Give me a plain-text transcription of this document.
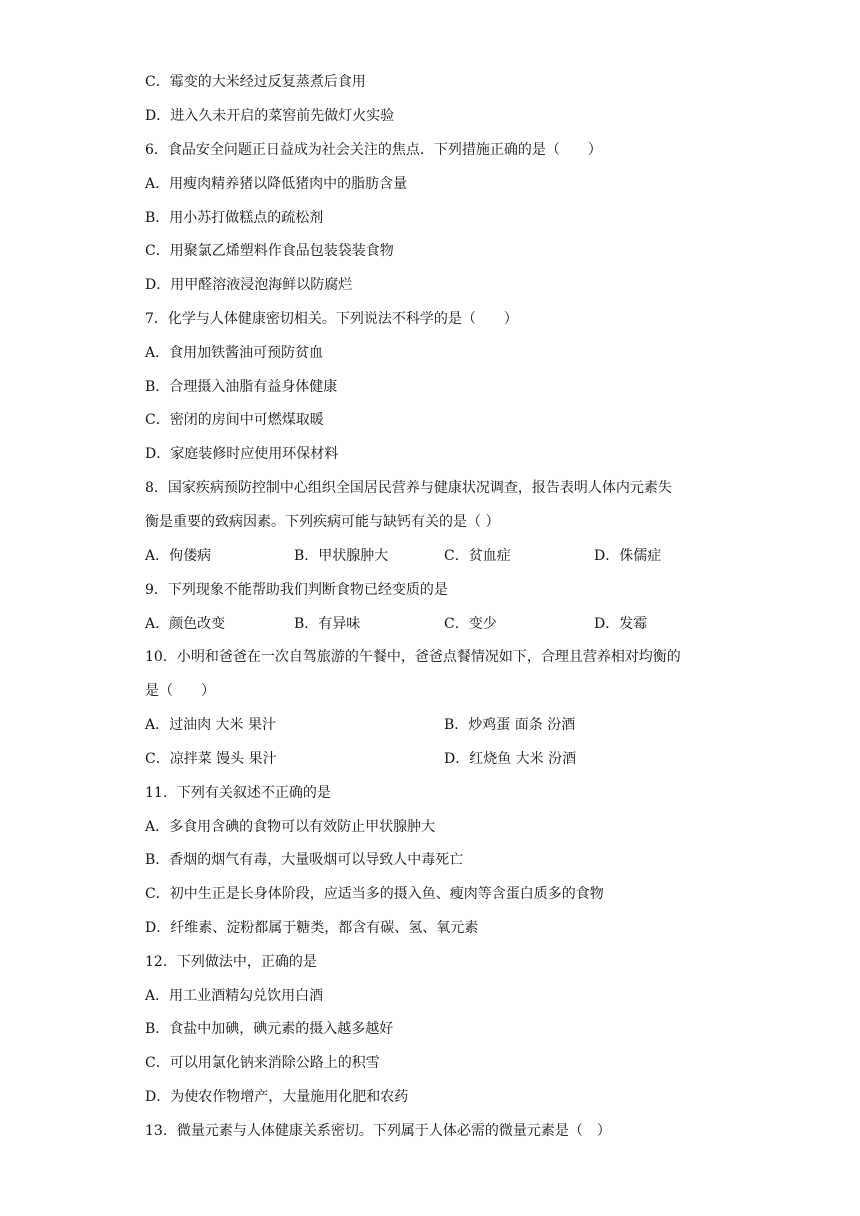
C．霉变的大米经过反复蒸煮后食用
D．进入久未开启的菜窖前先做灯火实验
6．食品安全问题正日益成为社会关注的焦点．下列措施正确的是（　　）
A．用瘦肉精养猪以降低猪肉中的脂肪含量
B．用小苏打做糕点的疏松剂
C．用聚氯乙烯塑料作食品包装袋装食物
D．用甲醛溶液浸泡海鲜以防腐烂
7．化学与人体健康密切相关。下列说法不科学的是（　　）
A．食用加铁酱油可预防贫血
B．合理摄入油脂有益身体健康
C．密闭的房间中可燃煤取暖
D．家庭装修时应使用环保材料
8．国家疾病预防控制中心组织全国居民营养与健康状况调查，报告表明人体内元素失
衡是重要的致病因素。下列疾病可能与缺钙有关的是（ ）
A．佝偻病	B．甲状腺肿大	C．贫血症	D．侏儒症
9．下列现象不能帮助我们判断食物已经变质的是
A．颜色改变	B．有异味	C．变少	D．发霉
10．小明和爸爸在一次自驾旅游的午餐中，爸爸点餐情况如下，合理且营养相对均衡的
是（　　）
A．过油肉 大米 果汁	B．炒鸡蛋 面条 汾酒
C．凉拌菜 馒头 果汁	D．红烧鱼 大米 汾酒
11．下列有关叙述不正确的是
A．多食用含碘的食物可以有效防止甲状腺肿大
B．香烟的烟气有毒，大量吸烟可以导致人中毒死亡
C．初中生正是长身体阶段，应适当多的摄入鱼、瘦肉等含蛋白质多的食物
D．纤维素、淀粉都属于糖类，都含有碳、氢、氧元素
12．下列做法中，正确的是
A．用工业酒精勾兑饮用白酒
B．食盐中加碘，碘元素的摄入越多越好
C．可以用氯化钠来消除公路上的积雪
D．为使农作物增产，大量施用化肥和农药
13．微量元素与人体健康关系密切。下列属于人体必需的微量元素是（　）
